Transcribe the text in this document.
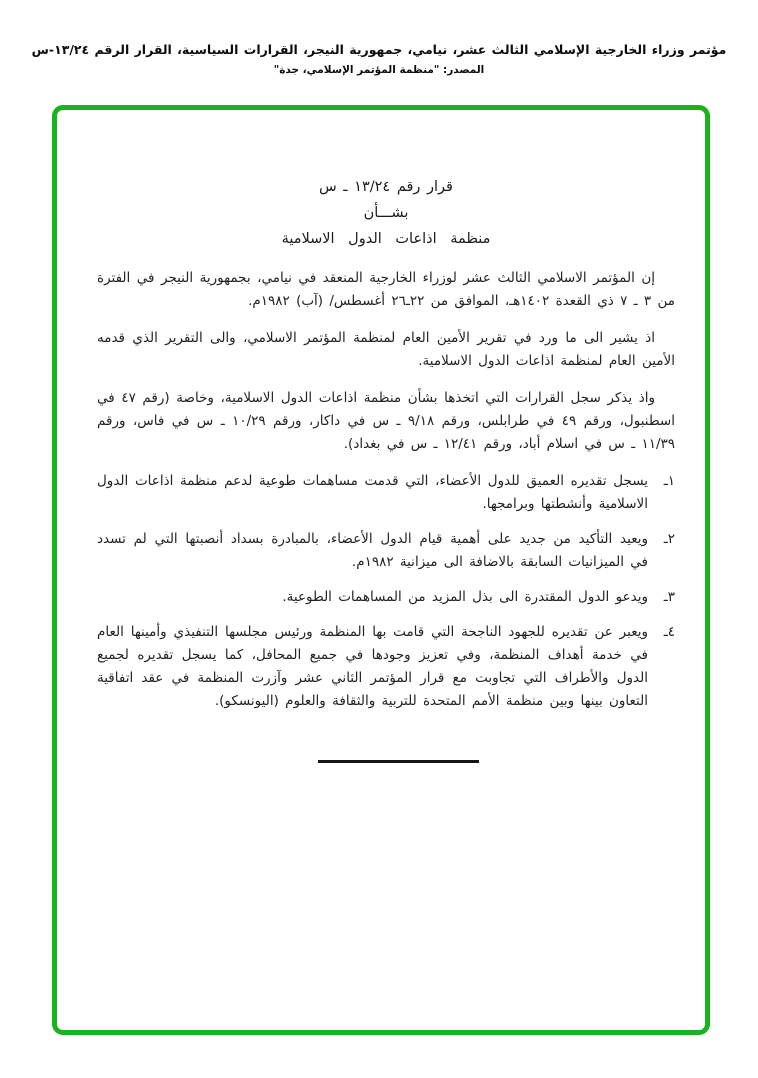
مؤتمر وزراء الخارجية الإسلامي الثالث عشر، نيامي، جمهورية النيجر، القرارات السياسية، القرار الرقم ١٣/٢٤-س
المصدر: "منظمة المؤتمر الإسلامي، جدة"
قرار رقم ١٣/٢٤ ـ س
بشـــأن
منظمة اذاعات الدول الاسلامية

إن المؤتمر الاسلامي الثالث عشر لوزراء الخارجية المنعقد في نيامي، بجمهورية النيجر في الفترة من ٣ ـ ٧ ذي القعدة ١٤٠٢هـ، الموافق من ٢٢ـ٢٦ أغسطس/ (آب) ١٩٨٢م.

اذ يشير الى ما ورد في تقرير الأمين العام لمنظمة المؤتمر الاسلامي، والى التقرير الذي قدمه الأمين العام لمنظمة اذاعات الدول الاسلامية.

واذ يذكر سجل القرارات التي اتخذها بشأن منظمة اذاعات الدول الاسلامية، وخاصة (رقم ٤٧ في اسطنبول، ورقم ٤٩ في طرابلس، ورقم ٩/١٨ ـ س في داكار، ورقم ١٠/٢٩ ـ س في فاس، ورقم ١١/٣٩ ـ س في اسلام أباد، ورقم ١٢/٤١ ـ س في بغداد).

١ـ
يسجل تقديره العميق للدول الأعضاء، التي قدمت مساهمات طوعية لدعم منظمة اذاعات الدول الاسلامية وأنشطتها وبرامجها.
٢ـ
ويعيد التأكيد من جديد على أهمية قيام الدول الأعضاء، بالمبادرة بسداد أنصبتها التي لم تسدد في الميزانيات السابقة بالاضافة الى ميزانية ١٩٨٢م.
٣ـ
ويدعو الدول المقتدرة الى بذل المزيد من المساهمات الطوعية.
٤ـ
ويعبر عن تقديره للجهود الناجحة التي قامت بها المنظمة ورئيس مجلسها التنفيذي وأمينها العام في خدمة أهداف المنظمة، وفي تعزيز وجودها في جميع المحافل، كما يسجل تقديره لجميع الدول والأطراف التي تجاوبت مع قرار المؤتمر الثاني عشر وآزرت المنظمة في عقد اتفاقية التعاون بينها وبين منظمة الأمم المتحدة للتربية والثقافة والعلوم (اليونسكو).
